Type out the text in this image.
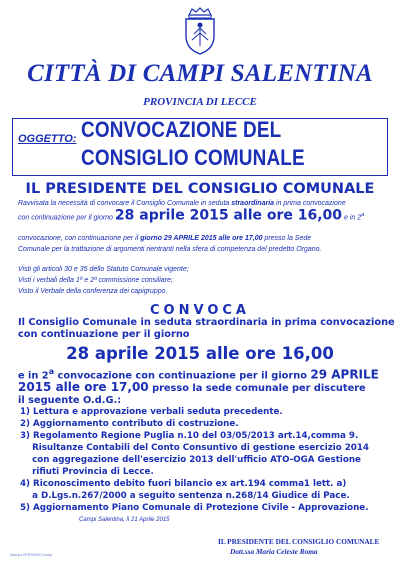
CITTÀ DI CAMPI SALENTINA
PROVINCIA DI LECCE
OGGETTO: CONVOCAZIONE DEL
CONSIGLIO COMUNALE
IL PRESIDENTE DEL CONSIGLIO COMUNALE
Ravvisata la necessità di convocare il Consiglio Comunale in seduta straordinaria in prima convocazione
con continuazione per il giorno 28 aprile 2015 alle ore 16,00 e in 2$^a$
convocazione, con continuazione per il giorno 29 APRILE 2015 alle ore 17,00 presso la Sede
Comunale per la trattazione di argomenti rientranti nella sfera di competenza del predetto Organo.
Visti gli articoli 30 e 35 dello Statuto Comunale vigente;
Visti i verbali della 1ª e 2ª commissione consiliare;
Visto il Verbale della conferenza dei capigruppo.
CONVOCA
Il Consiglio Comunale in seduta straordinaria in prima convocazione
con continuazione per il giorno
28 aprile 2015 alle ore 16,00
e in 2$^a$ convocazione con continuazione per il giorno 29 APRILE
2015 alle ore 17,00 presso la sede comunale per discutere
il seguente O.d.G.:
1) Lettura e approvazione verbali seduta precedente.
2) Aggiornamento contributo di costruzione.
3) Regolamento Regione Puglia n.10 del 03/05/2013 art.14,comma 9.
Risultanze Contabili del Conto Consuntivo di gestione esercizio 2014
con aggregazione dell'esercizio 2013 dell'ufficio ATO-OGA Gestione
rifiuti Provincia di Lecce.
4) Riconoscimento debito fuori bilancio ex art.194 comma1 lett. a)
a D.Lgs.n.267/2000 a seguito sentenza n.268/14 Giudice di Pace.
5) Aggiornamento Piano Comunale di Protezione Civile - Approvazione.
Campi Salentina, lì 21 Aprile 2015
IL PRESIDENTE DEL CONSIGLIO COMUNALE
Dott.ssa Maria Celeste Roma
Stampa PERSIMAX Campi
